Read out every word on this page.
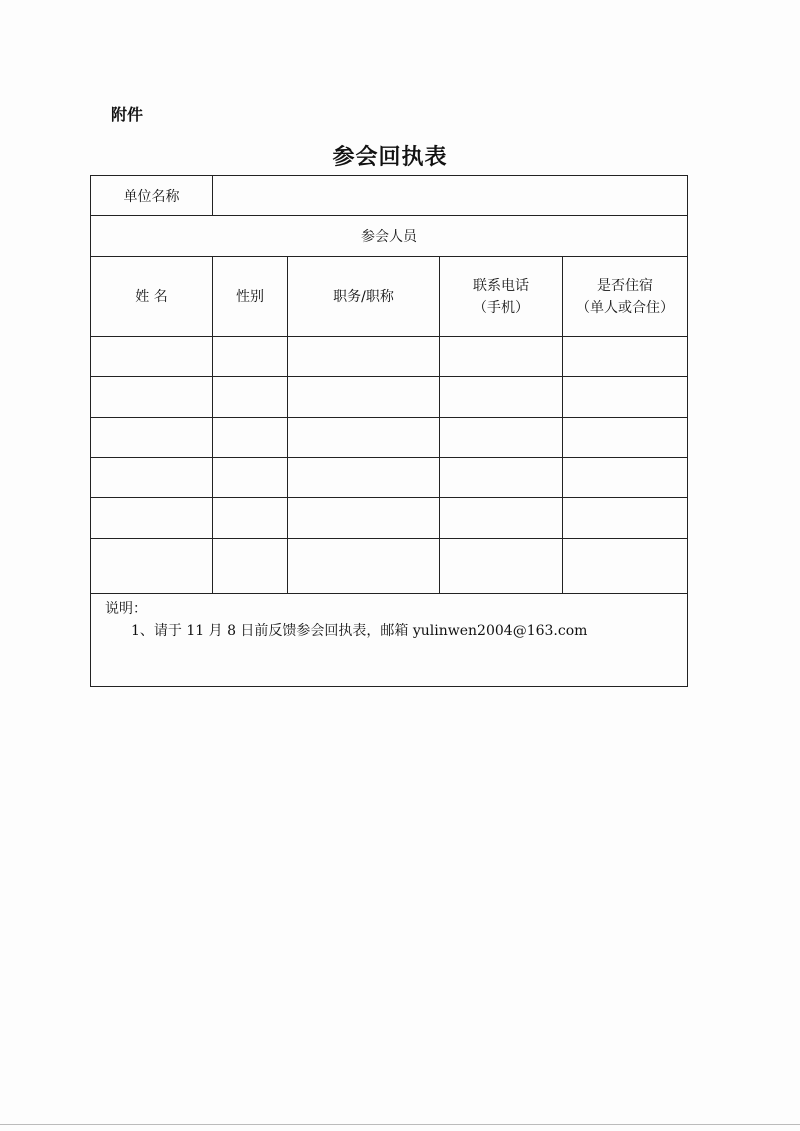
附件
参会回执表
单位名称
参会人员
姓 名	性别	职务/职称
联系电话
（手机）
是否住宿
（单人或合住）
说明：
1、请于 11 月 8 日前反馈参会回执表，邮箱 yulinwen2004@163.com
